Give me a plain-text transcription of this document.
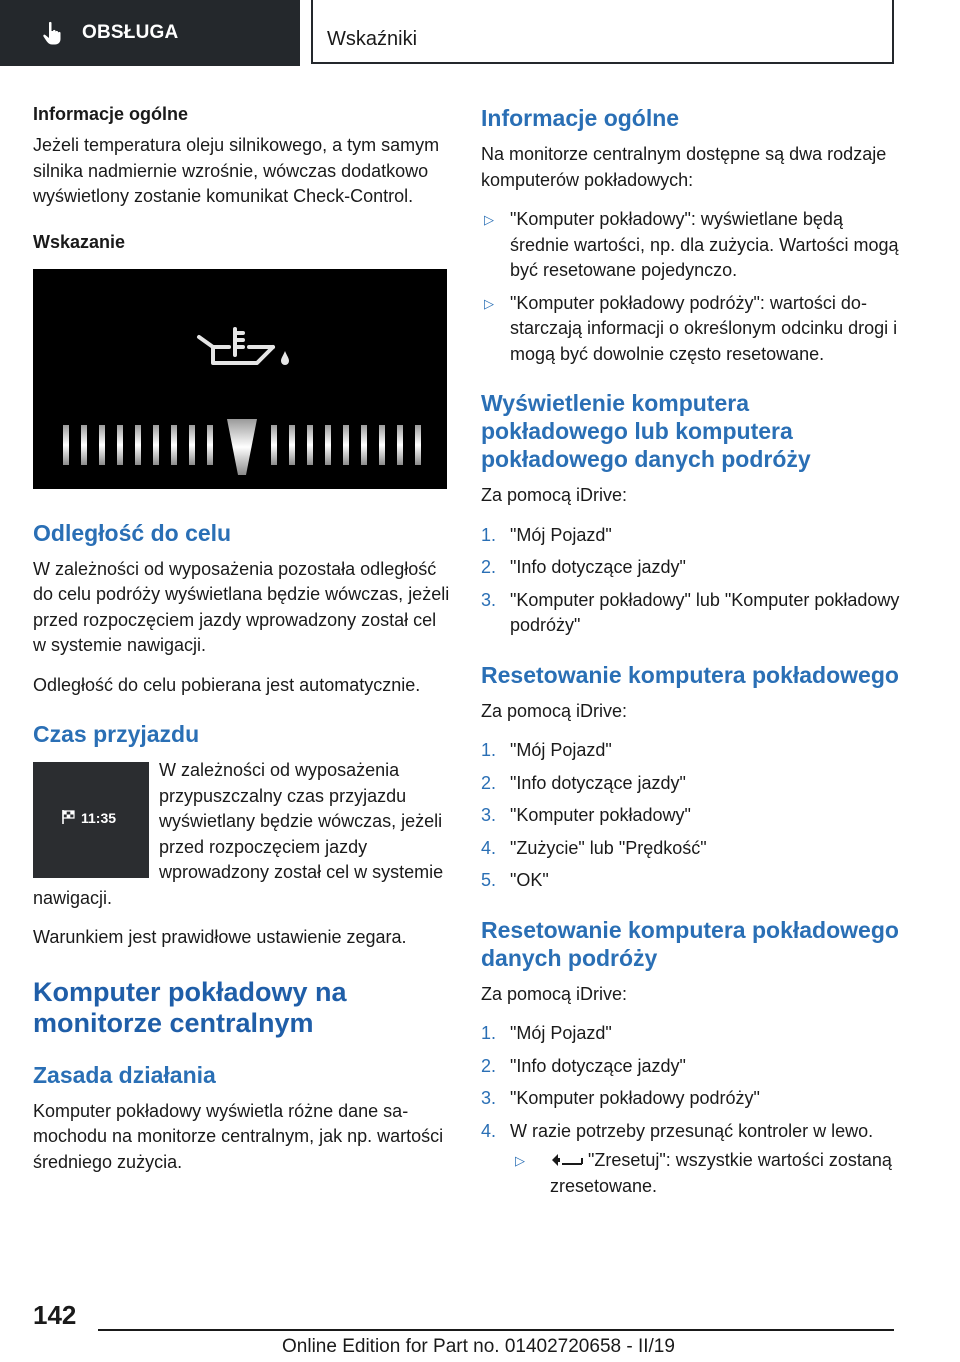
OBSŁUGA	Wskaźniki
Informacje ogólne

Jeżeli temperatura oleju silnikowego, a tym samym silnika nadmiernie wzrośnie, wówczas dodatkowo wyświetlony zostanie komunikat Check-Control.

Wskazanie
Odległość do celu

W zależności od wyposażenia pozostała odległość do celu podróży wyświetlana będzie wówczas, jeżeli przed rozpoczęciem jazdy wprowadzony został cel w systemie nawigacji.

Odległość do celu pobierana jest automatycznie.

Czas przyjazdu
11:35

W zależności od wyposażenia przypuszczalny czas przyjazdu wyświetlany będzie wówczas, jeżeli przed rozpoczęciem jazdy wprowadzony został cel w systemie nawigacji.

Warunkiem jest prawidłowe ustawienie zegara.

Komputer pokładowy na monitorze centralnym
Zasada działania

Komputer pokładowy wyświetla różne dane samochodu na monitorze centralnym, jak np. wartości średniego zużycia.

Informacje ogólne

Na monitorze centralnym dostępne są dwa rodzaje komputerów pokładowych:

▷ "Komputer pokładowy": wyświetlane będą średnie wartości, np. dla zużycia. Wartości mogą być resetowane pojedynczo.
▷ "Komputer pokładowy podróży": wartości dostarczają informacji o określonym odcinku drogi i mogą być dowolnie często resetowane.
Wyświetlenie komputera pokładowego lub komputera pokładowego danych podróży

Za pomocą iDrive:

1. "Mój Pojazd"
2. "Info dotyczące jazdy"
3. "Komputer pokładowy" lub "Komputer pokładowy podróży"
Resetowanie komputera pokładowego

Za pomocą iDrive:

1. "Mój Pojazd"
2. "Info dotyczące jazdy"
3. "Komputer pokładowy"
4. "Zużycie" lub "Prędkość"
5. "OK"
Resetowanie komputera pokładowego danych podróży

Za pomocą iDrive:

1. "Mój Pojazd"
2. "Info dotyczące jazdy"
3. "Komputer pokładowy podróży"
4. W razie potrzeby przesunąć kontroler w lewo.
▷	"Zresetuj": wszystkie wartości zostaną zresetowane.
142
Online Edition for Part no. 01402720658 - II/19
